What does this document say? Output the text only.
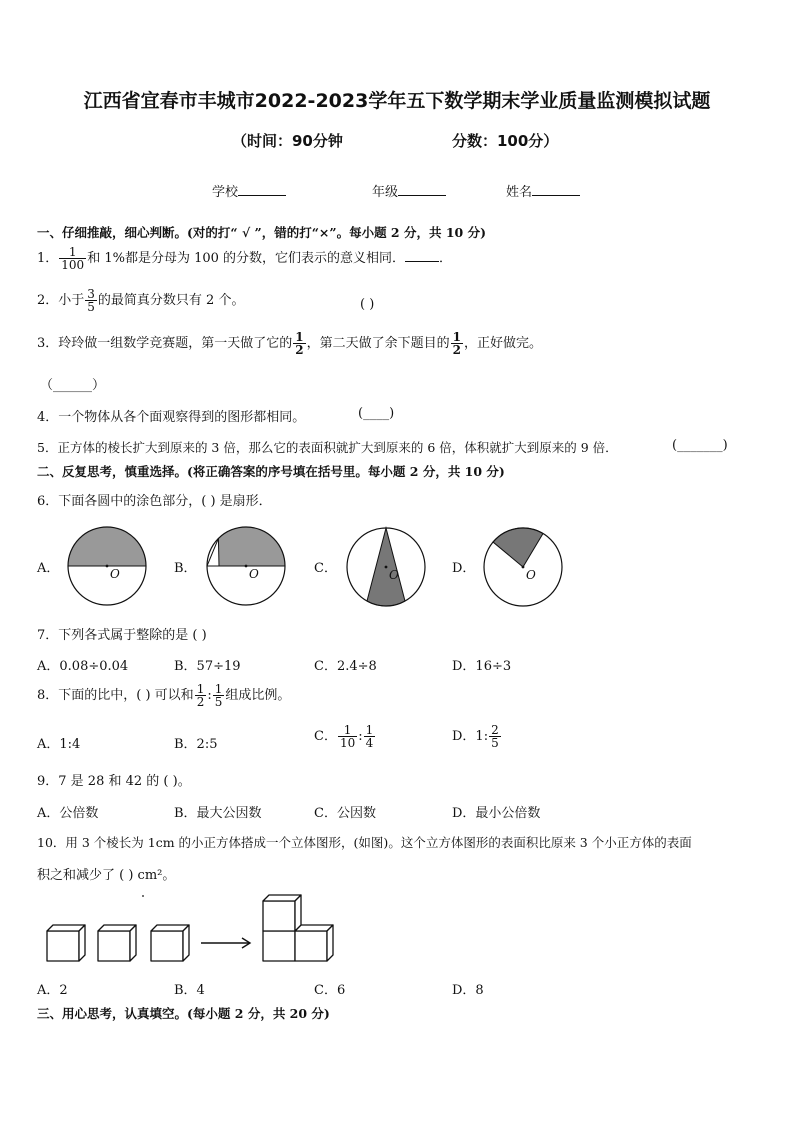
江西省宜春市丰城市2022-2023学年五下数学期末学业质量监测模拟试题
（时间：90分钟	分数：100分）
学校	年级	姓名
一、仔细推敲，细心判断。(对的打“ √ ”，错的打“×”。每小题 2 分，共 10 分)
1． $\frac{1}{100}$ 和 1%都是分母为 100 的分数，它们表示的意义相同．	．
2．小于 $\frac{3}{5}$ 的最简真分数只有 2 个。	( )
3．玲玲做一组数学竞赛题，第一天做了它的 $\frac{1}{2}$ ，第二天做了余下题目的 $\frac{1}{2}$ ，正好做完。
（______）
4．一个物体从各个面观察得到的图形都相同。	(____)
5．正方体的棱长扩大到原来的 3 倍，那么它的表面积就扩大到原来的 6 倍，体积就扩大到原来的 9 倍．	(_______)
二、反复思考，慎重选择。(将正确答案的序号填在括号里。每小题 2 分，共 10 分)
6．下面各圆中的涂色部分，( ) 是扇形．
A．	B．	C．	D．
O	O	O	O
7．下列各式属于整除的是 ( )
A．0.08÷0.04	B．57÷19	C．2.4÷8	D．16÷3
8．下面的比中，( ) 可以和 $\frac{1}{2}$ : $\frac{1}{5}$ 组成比例。
A．1:4	B．2:5
C． $\frac{1}{10}$ : $\frac{1}{4}$	D．1: $\frac{2}{5}$
9．7 是 28 和 42 的 ( )。
A．公倍数	B．最大公因数	C．公因数	D．最小公倍数
10．用 3 个棱长为 1cm 的小正方体搭成一个立体图形，(如图)。这个立方体图形的表面积比原来 3 个小正方体的表面
积之和减少了 ( ) cm²。
A．2	B．4	C．6	D．8
三、用心思考，认真填空。(每小题 2 分，共 20 分)
